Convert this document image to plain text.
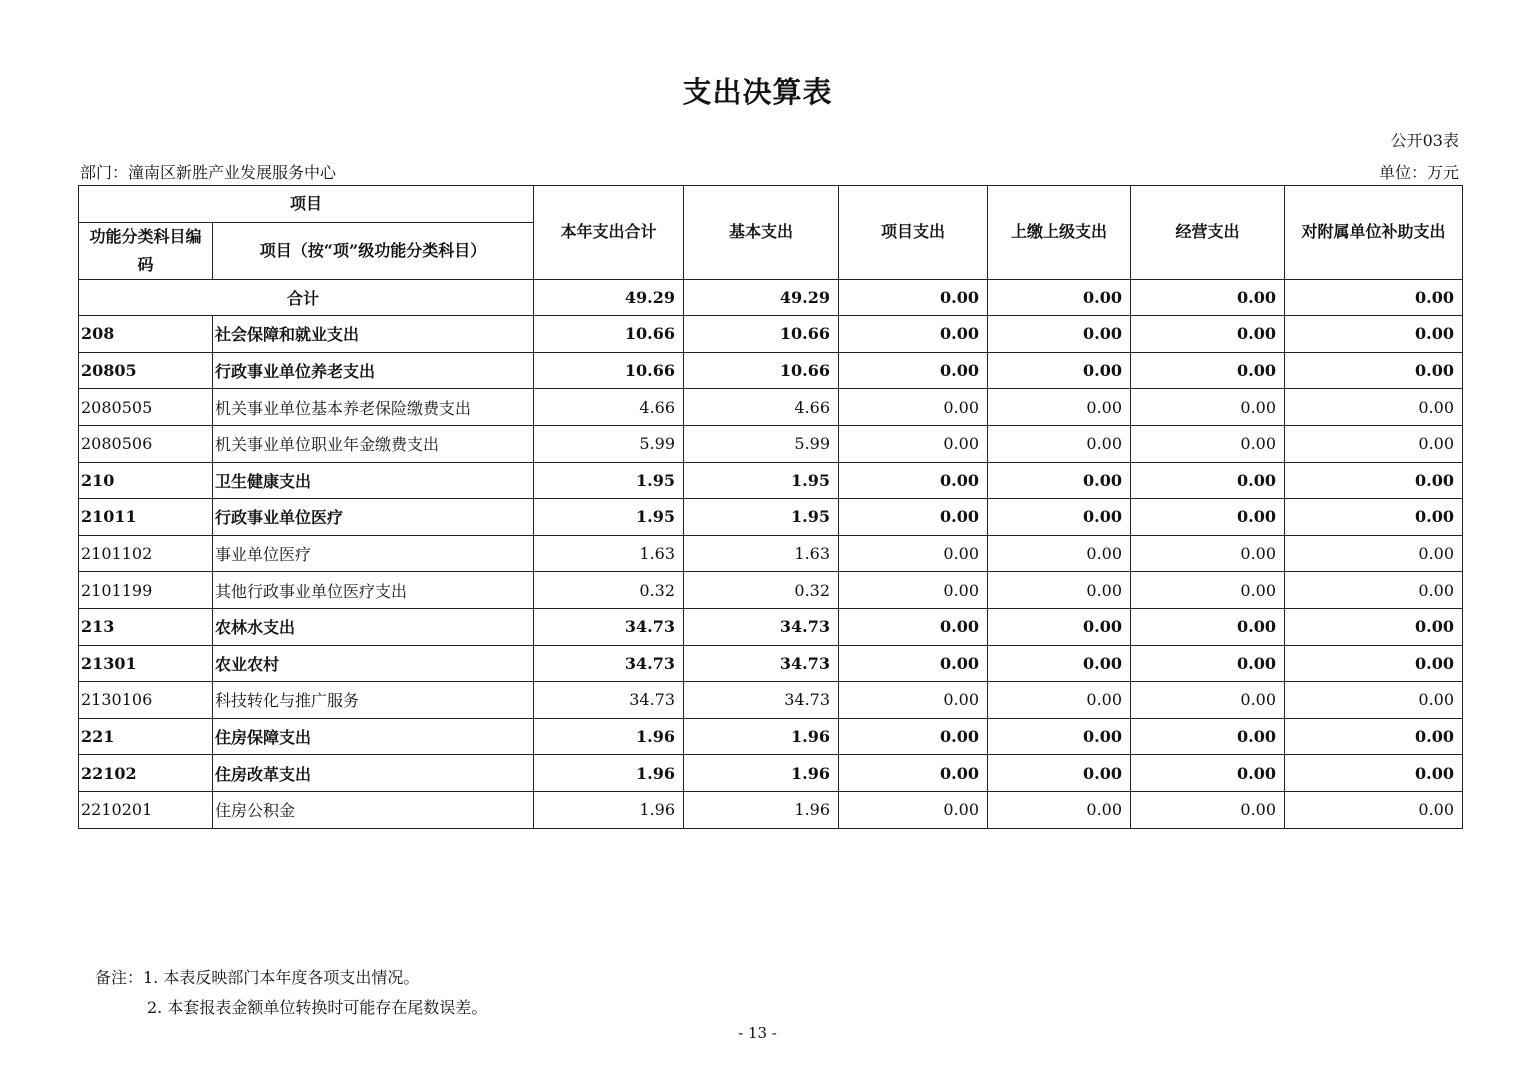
支出决算表
公开03表
部门：潼南区新胜产业发展服务中心	单位：万元
项目		本年支出合计	基本支出	项目支出	上缴上级支出	经营支出	对附属单位补助支出
功能分类科目编码	项目（按“项”级功能分类科目）						
合计		49.29	49.29	0.00	0.00	0.00	0.00
208	社会保障和就业支出	10.66	10.66	0.00	0.00	0.00	0.00
20805	行政事业单位养老支出	10.66	10.66	0.00	0.00	0.00	0.00
2080505	机关事业单位基本养老保险缴费支出	4.66	4.66	0.00	0.00	0.00	0.00
2080506	机关事业单位职业年金缴费支出	5.99	5.99	0.00	0.00	0.00	0.00
210	卫生健康支出	1.95	1.95	0.00	0.00	0.00	0.00
21011	行政事业单位医疗	1.95	1.95	0.00	0.00	0.00	0.00
2101102	事业单位医疗	1.63	1.63	0.00	0.00	0.00	0.00
2101199	其他行政事业单位医疗支出	0.32	0.32	0.00	0.00	0.00	0.00
213	农林水支出	34.73	34.73	0.00	0.00	0.00	0.00
21301	农业农村	34.73	34.73	0.00	0.00	0.00	0.00
2130106	科技转化与推广服务	34.73	34.73	0.00	0.00	0.00	0.00
221	住房保障支出	1.96	1.96	0.00	0.00	0.00	0.00
22102	住房改革支出	1.96	1.96	0.00	0.00	0.00	0.00
2210201	住房公积金	1.96	1.96	0.00	0.00	0.00	0.00
备注：1. 本表反映部门本年度各项支出情况。
2. 本套报表金额单位转换时可能存在尾数误差。
- 13 -
